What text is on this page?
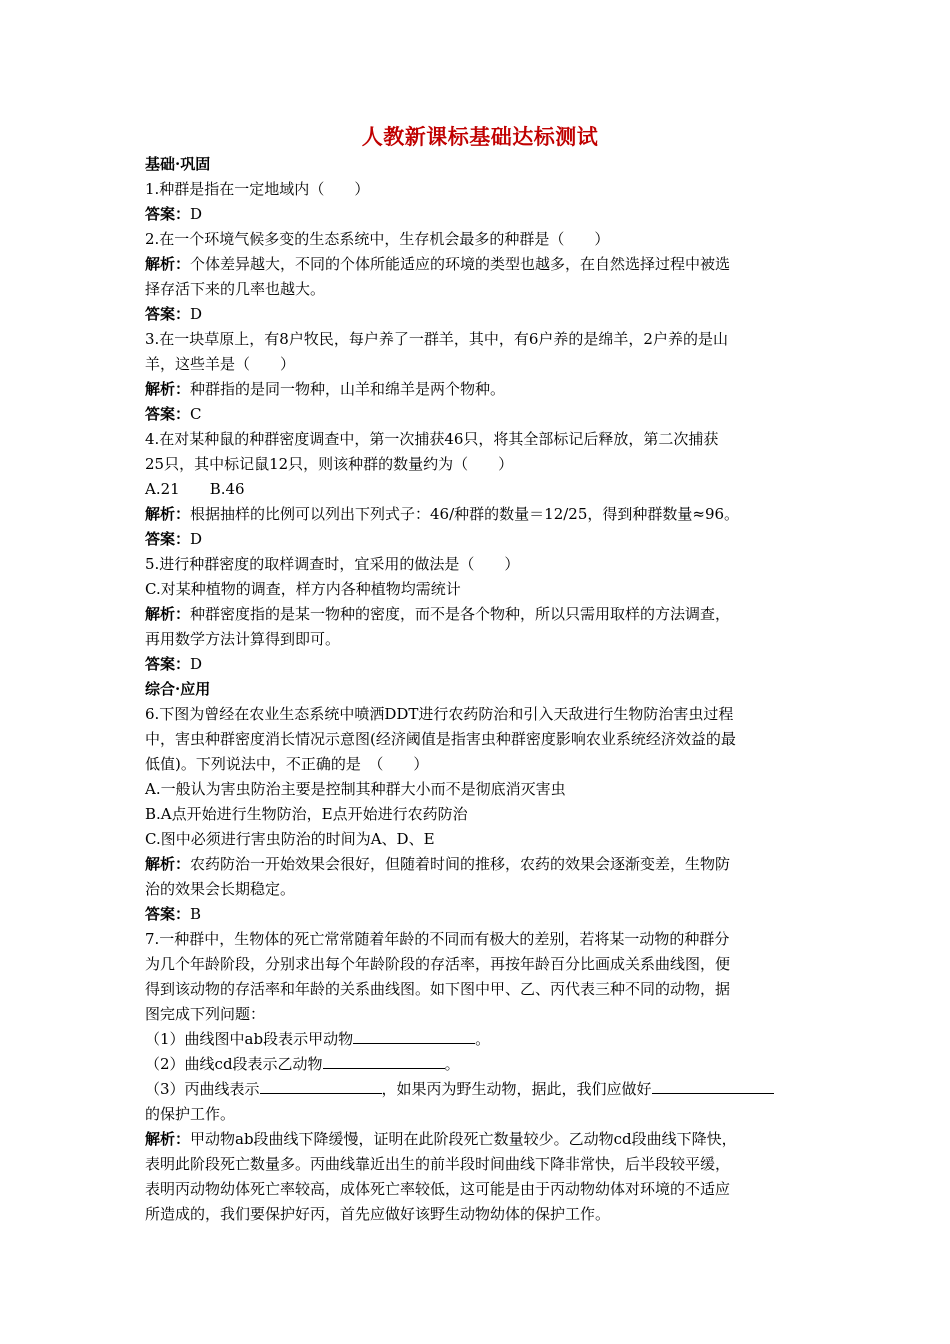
人教新课标基础达标测试
基础·巩固
1.种群是指在一定地域内（　　）
答案：D
2.在一个环境气候多变的生态系统中，生存机会最多的种群是（　　）
解析：个体差异越大，不同的个体所能适应的环境的类型也越多，在自然选择过程中被选
择存活下来的几率也越大。
答案：D
3.在一块草原上，有8户牧民，每户养了一群羊，其中，有6户养的是绵羊，2户养的是山
羊，这些羊是（　　）
解析：种群指的是同一物种，山羊和绵羊是两个物种。
答案：C
4.在对某种鼠的种群密度调查中，第一次捕获46只，将其全部标记后释放，第二次捕获
25只，其中标记鼠12只，则该种群的数量约为（　　）
A.21　　B.46
解析：根据抽样的比例可以列出下列式子：46/种群的数量＝12/25，得到种群数量≈96。
答案：D
5.进行种群密度的取样调查时，宜采用的做法是（　　）
C.对某种植物的调查，样方内各种植物均需统计
解析：种群密度指的是某一物种的密度，而不是各个物种，所以只需用取样的方法调查，
再用数学方法计算得到即可。
答案：D
综合·应用
6.下图为曾经在农业生态系统中喷洒DDT进行农药防治和引入天敌进行生物防治害虫过程
中，害虫种群密度消长情况示意图(经济阈值是指害虫种群密度影响农业系统经济效益的最
低值)。下列说法中，不正确的是　（　　）
A.一般认为害虫防治主要是控制其种群大小而不是彻底消灭害虫
B.A点开始进行生物防治，E点开始进行农药防治
C.图中必须进行害虫防治的时间为A、D、E
解析：农药防治一开始效果会很好，但随着时间的推移，农药的效果会逐渐变差，生物防
治的效果会长期稳定。
答案：B
7.一种群中，生物体的死亡常常随着年龄的不同而有极大的差别，若将某一动物的种群分
为几个年龄阶段，分别求出每个年龄阶段的存活率，再按年龄百分比画成关系曲线图，便
得到该动物的存活率和年龄的关系曲线图。如下图中甲、乙、丙代表三种不同的动物，据
图完成下列问题：
（1）曲线图中ab段表示甲动物	。
（2）曲线cd段表示乙动物	。
（3）丙曲线表示	，如果丙为野生动物，据此，我们应做好
的保护工作。
解析：甲动物ab段曲线下降缓慢，证明在此阶段死亡数量较少。乙动物cd段曲线下降快，
表明此阶段死亡数量多。丙曲线靠近出生的前半段时间曲线下降非常快，后半段较平缓，
表明丙动物幼体死亡率较高，成体死亡率较低，这可能是由于丙动物幼体对环境的不适应
所造成的，我们要保护好丙，首先应做好该野生动物幼体的保护工作。
